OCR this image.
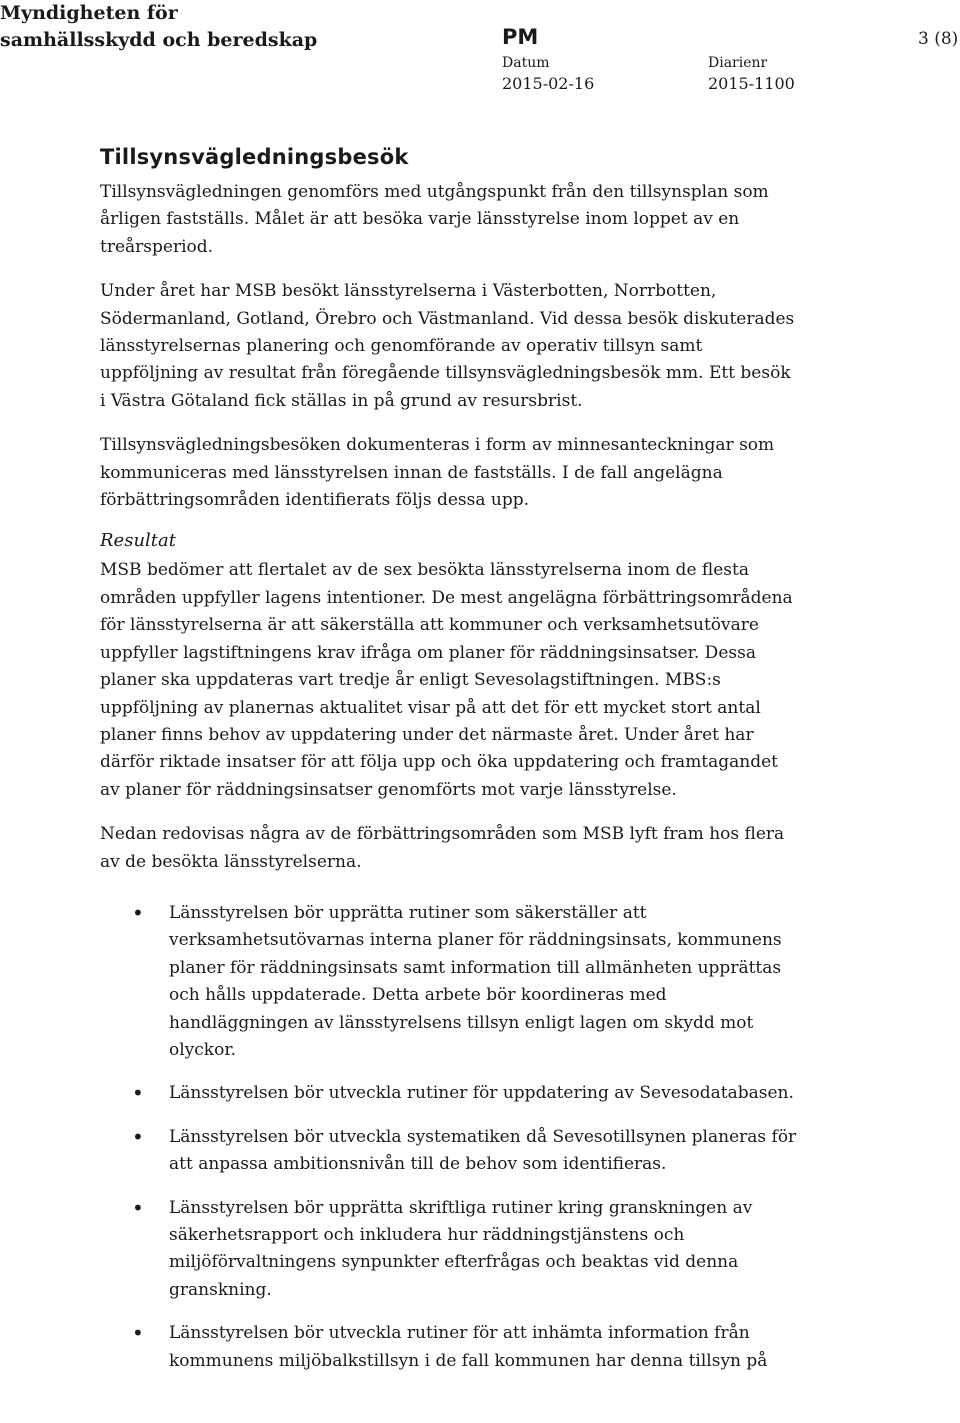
Myndigheten för
samhällsskydd och beredskap	PM	3 (8)
Datum
2015-02-16
Diarienr
2015-1100
Tillsynsvägledningsbesök

Tillsynsvägledningen genomförs med utgångspunkt från den tillsynsplan som årligen fastställs. Målet är att besöka varje länsstyrelse inom loppet av en treårsperiod.

Under året har MSB besökt länsstyrelserna i Västerbotten, Norrbotten, Södermanland, Gotland, Örebro och Västmanland. Vid dessa besök diskuterades länsstyrelsernas planering och genomförande av operativ tillsyn samt uppföljning av resultat från föregående tillsynsvägledningsbesök mm. Ett besök i Västra Götaland fick ställas in på grund av resursbrist.

Tillsynsvägledningsbesöken dokumenteras i form av minnesanteckningar som kommuniceras med länsstyrelsen innan de fastställs. I de fall angelägna förbättringsområden identifierats följs dessa upp.

Resultat

MSB bedömer att flertalet av de sex besökta länsstyrelserna inom de flesta områden uppfyller lagens intentioner. De mest angelägna förbättringsområdena för länsstyrelserna är att säkerställa att kommuner och verksamhetsutövare uppfyller lagstiftningens krav ifråga om planer för räddningsinsatser. Dessa planer ska uppdateras vart tredje år enligt Sevesolagstiftningen. MBS:s uppföljning av planernas aktualitet visar på att det för ett mycket stort antal planer finns behov av uppdatering under det närmaste året. Under året har därför riktade insatser för att följa upp och öka uppdatering och framtagandet av planer för räddningsinsatser genomförts mot varje länsstyrelse.

Nedan redovisas några av de förbättringsområden som MSB lyft fram hos flera av de besökta länsstyrelserna.

• Länsstyrelsen bör upprätta rutiner som säkerställer att verksamhetsutövarnas interna planer för räddningsinsats, kommunens planer för räddningsinsats samt information till allmänheten upprättas och hålls uppdaterade. Detta arbete bör koordineras med handläggningen av länsstyrelsens tillsyn enligt lagen om skydd mot olyckor.
• Länsstyrelsen bör utveckla rutiner för uppdatering av Sevesodatabasen.
• Länsstyrelsen bör utveckla systematiken då Sevesotillsynen planeras för att anpassa ambitionsnivån till de behov som identifieras.
• Länsstyrelsen bör upprätta skriftliga rutiner kring granskningen av säkerhetsrapport och inkludera hur räddningstjänstens och miljöförvaltningens synpunkter efterfrågas och beaktas vid denna granskning.
• Länsstyrelsen bör utveckla rutiner för att inhämta information från kommunens miljöbalkstillsyn i de fall kommunen har denna tillsyn på
